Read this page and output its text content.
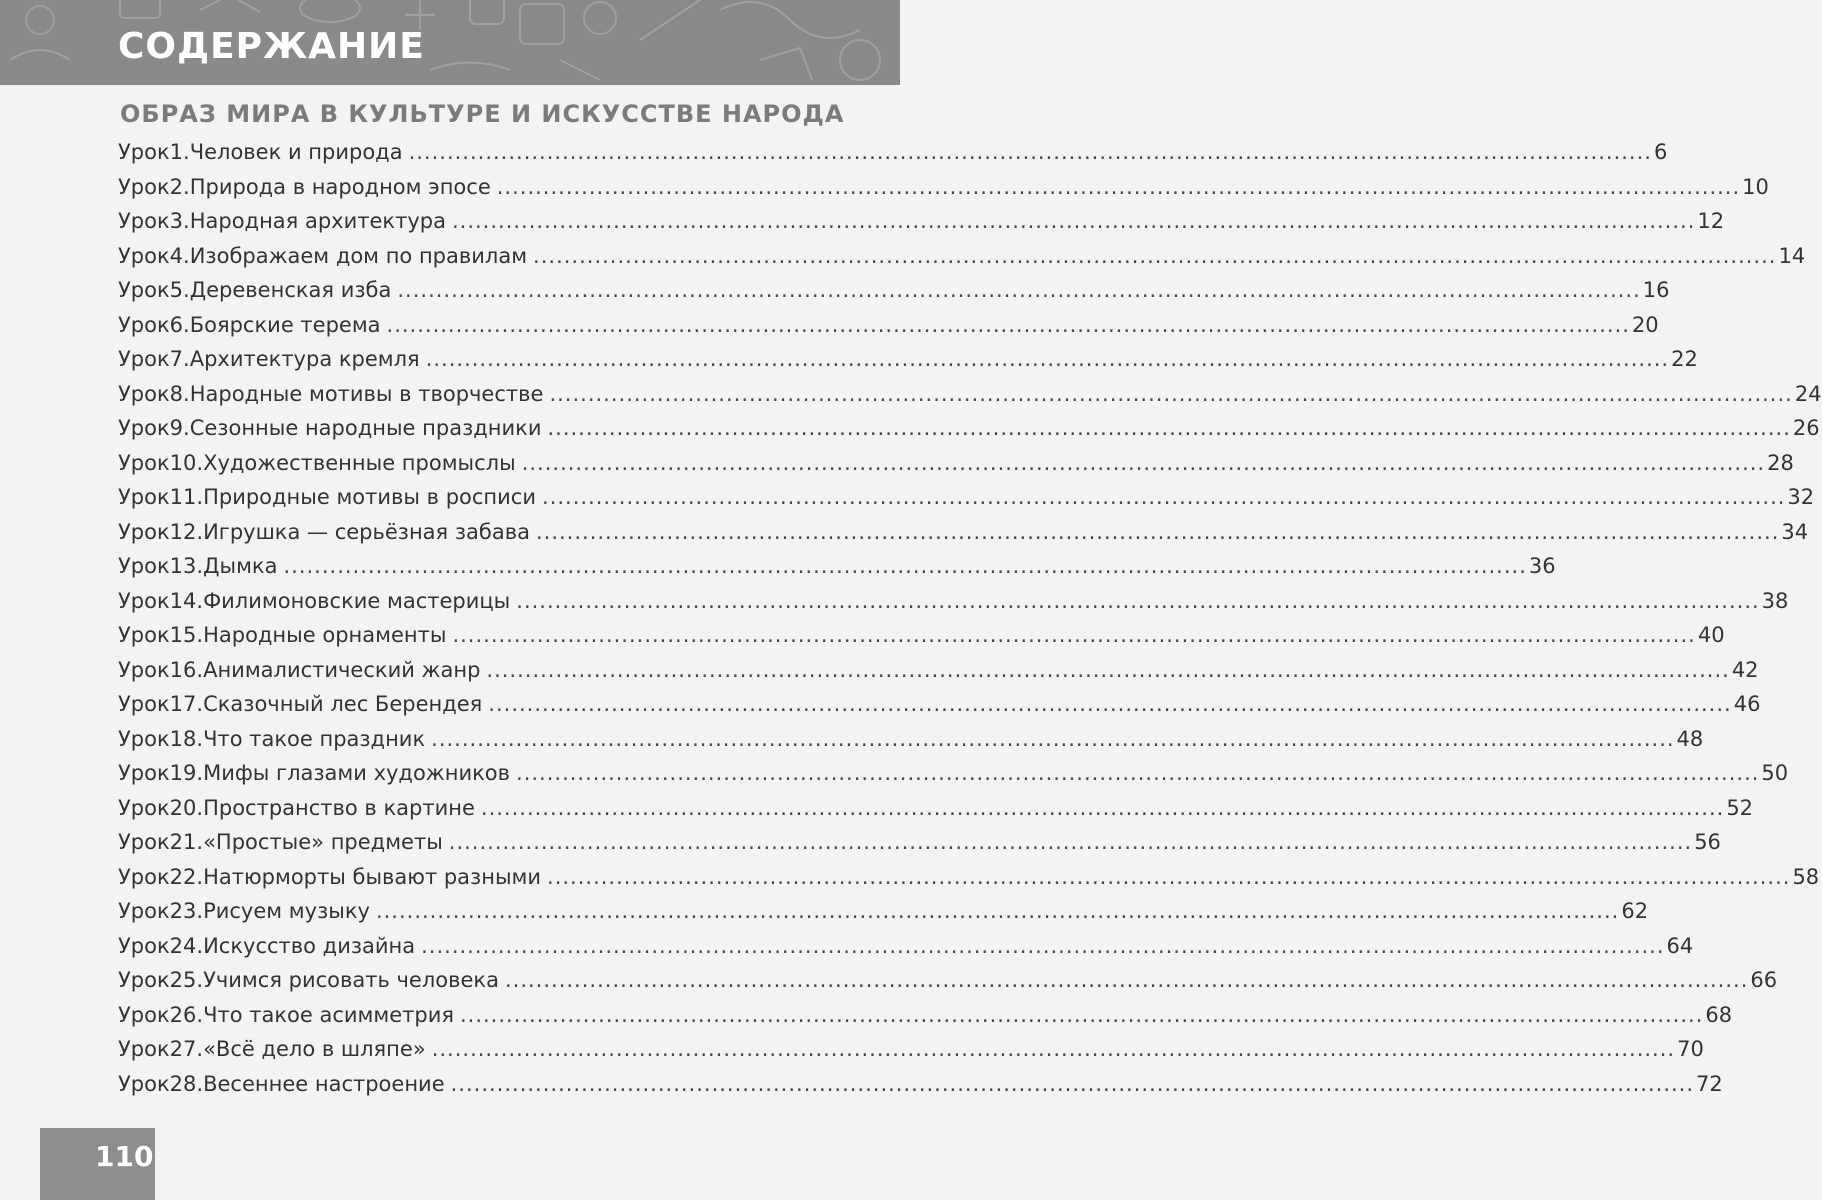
СОДЕРЖАНИЕ
ОБРАЗ МИРА В КУЛЬТУРЕ И ИСКУССТВЕ НАРОДА
Урок 1. Человек и природа .................................................................................................................................................................. 6
Урок 2. Природа в народном эпосе .................................................................................................................................................................. 10
Урок 3. Народная архитектура .................................................................................................................................................................. 12
Урок 4. Изображаем дом по правилам .................................................................................................................................................................. 14
Урок 5. Деревенская изба .................................................................................................................................................................. 16
Урок 6. Боярские терема .................................................................................................................................................................. 20
Урок 7. Архитектура кремля .................................................................................................................................................................. 22
Урок 8. Народные мотивы в творчестве .................................................................................................................................................................. 24
Урок 9. Сезонные народные праздники .................................................................................................................................................................. 26
Урок 10. Художественные промыслы .................................................................................................................................................................. 28
Урок 11. Природные мотивы в росписи .................................................................................................................................................................. 32
Урок 12. Игрушка — серьёзная забава .................................................................................................................................................................. 34
Урок 13. Дымка .................................................................................................................................................................. 36
Урок 14. Филимоновские мастерицы .................................................................................................................................................................. 38
Урок 15. Народные орнаменты .................................................................................................................................................................. 40
Урок 16. Анималистический жанр .................................................................................................................................................................. 42
Урок 17. Сказочный лес Берендея .................................................................................................................................................................. 46
Урок 18. Что такое праздник .................................................................................................................................................................. 48
Урок 19. Мифы глазами художников .................................................................................................................................................................. 50
Урок 20. Пространство в картине .................................................................................................................................................................. 52
Урок 21. «Простые» предметы .................................................................................................................................................................. 56
Урок 22. Натюрморты бывают разными .................................................................................................................................................................. 58
Урок 23. Рисуем музыку .................................................................................................................................................................. 62
Урок 24. Искусство дизайна .................................................................................................................................................................. 64
Урок 25. Учимся рисовать человека .................................................................................................................................................................. 66
Урок 26. Что такое асимметрия .................................................................................................................................................................. 68
Урок 27. «Всё дело в шляпе» .................................................................................................................................................................. 70
Урок 28. Весеннее настроение .................................................................................................................................................................. 72
110
